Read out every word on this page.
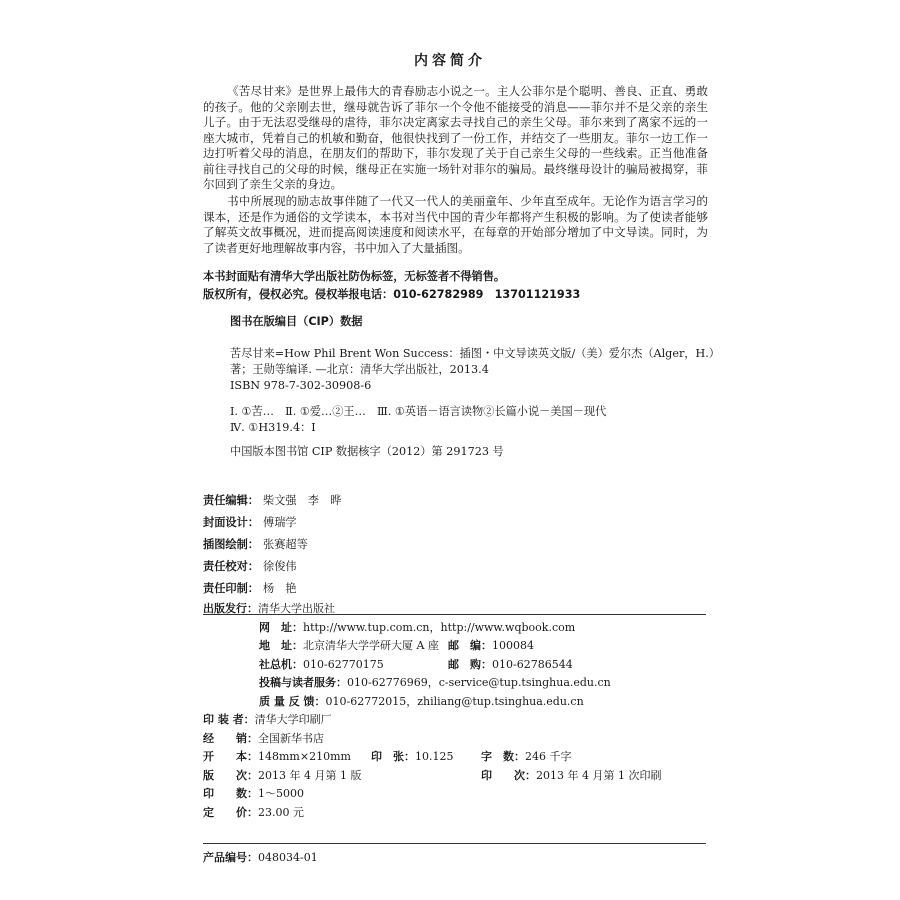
内容简介

《苦尽甘来》是世界上最伟大的青春励志小说之一。主人公菲尔是个聪明、善良、正直、勇敢的孩子。他的父亲刚去世，继母就告诉了菲尔一个令他不能接受的消息——菲尔并不是父亲的亲生儿子。由于无法忍受继母的虐待，菲尔决定离家去寻找自己的亲生父母。菲尔来到了离家不远的一座大城市，凭着自己的机敏和勤奋，他很快找到了一份工作，并结交了一些朋友。菲尔一边工作一边打听着父母的消息，在朋友们的帮助下，菲尔发现了关于自己亲生父母的一些线索。正当他准备前往寻找自己的父母的时候，继母正在实施一场针对菲尔的骗局。最终继母设计的骗局被揭穿，菲尔回到了亲生父亲的身边。

书中所展现的励志故事伴随了一代又一代人的美丽童年、少年直至成年。无论作为语言学习的课本，还是作为通俗的文学读本，本书对当代中国的青少年都将产生积极的影响。为了使读者能够了解英文故事概况，进而提高阅读速度和阅读水平，在每章的开始部分增加了中文导读。同时，为了读者更好地理解故事内容，书中加入了大量插图。

本书封面贴有清华大学出版社防伪标签，无标签者不得销售。
版权所有，侵权必究。侵权举报电话：010-62782989　13701121933
图书在版编目（CIP）数据
苦尽甘来=How Phil Brent Won Success：插图・中文导读英文版/（美）爱尔杰（Alger，H.）
著；王勋等编译. —北京：清华大学出版社，2013.4
ISBN 978-7-302-30908-6
Ⅰ. ①苦…　Ⅱ. ①爱…②王…　Ⅲ. ①英语－语言读物②长篇小说－美国－现代
Ⅳ. ①H319.4：I
中国版本图书馆 CIP 数据核字（2012）第 291723 号
责任编辑： 柴文强　李　晔
封面设计： 傅瑞学
插图绘制： 张赛超等
责任校对： 徐俊伟
责任印制： 杨　艳
出版发行：清华大学出版社
网　址：http://www.tup.com.cn，http://www.wqbook.com
地　址：北京清华大学学研大厦 A 座 邮　编：100084
社总机：010-62770175	邮　购：010-62786544
投稿与读者服务：010-62776969，c-service@tup.tsinghua.edu.cn
质 量 反 馈：010-62772015，zhiliang@tup.tsinghua.edu.cn
印 装 者：清华大学印刷厂
经　　销：全国新华书店
开　　本：148mm×210mm 印　张：10.125	字　数：246 千字
版　　次：2013 年 4 月第 1 版	印　　次：2013 年 4 月第 1 次印刷
印　　数：1～5000
定　　价：23.00 元
产品编号：048034-01
